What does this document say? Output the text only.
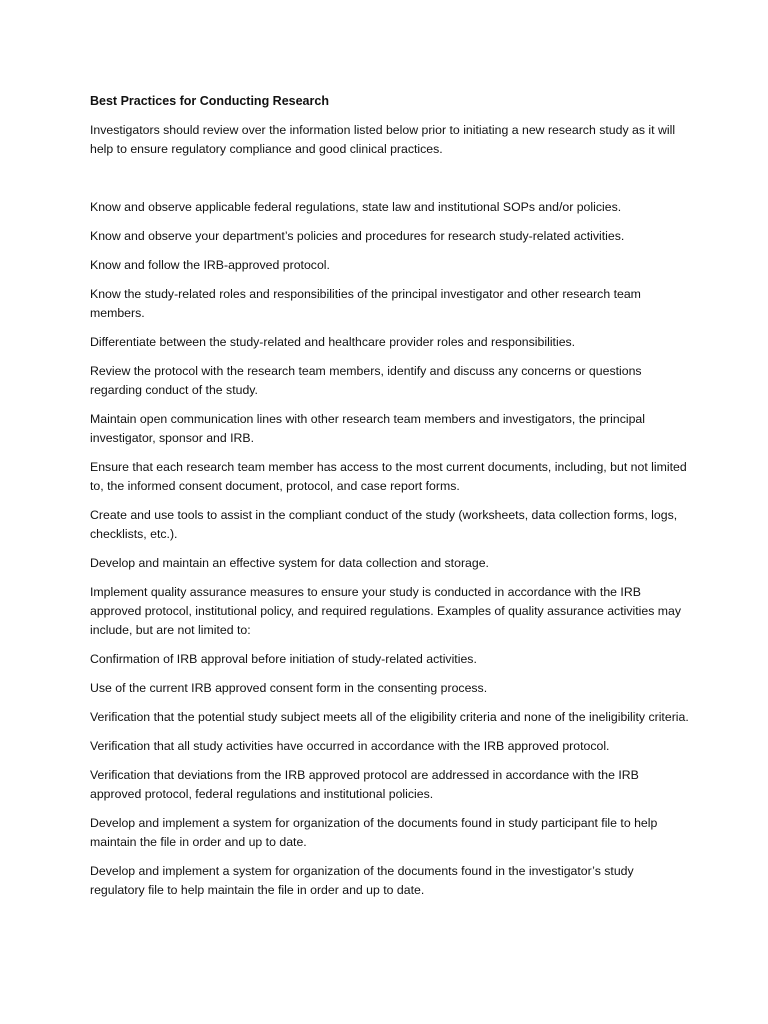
Best Practices for Conducting Research

Investigators should review over the information listed below prior to initiating a new research study as it will help to ensure regulatory compliance and good clinical practices.

Know and observe applicable federal regulations, state law and institutional SOPs and/or policies.

Know and observe your department’s policies and procedures for research study-related activities.

Know and follow the IRB-approved protocol.

Know the study-related roles and responsibilities of the principal investigator and other research team members.

Differentiate between the study-related and healthcare provider roles and responsibilities.

Review the protocol with the research team members, identify and discuss any concerns or questions regarding conduct of the study.

Maintain open communication lines with other research team members and investigators, the principal investigator, sponsor and IRB.

Ensure that each research team member has access to the most current documents, including, but not limited to, the informed consent document, protocol, and case report forms.

Create and use tools to assist in the compliant conduct of the study (worksheets, data collection forms, logs, checklists, etc.).

Develop and maintain an effective system for data collection and storage.

Implement quality assurance measures to ensure your study is conducted in accordance with the IRB approved protocol, institutional policy, and required regulations. Examples of quality assurance activities may include, but are not limited to:

Confirmation of IRB approval before initiation of study-related activities.

Use of the current IRB approved consent form in the consenting process.

Verification that the potential study subject meets all of the eligibility criteria and none of the ineligibility criteria.

Verification that all study activities have occurred in accordance with the IRB approved protocol.

Verification that deviations from the IRB approved protocol are addressed in accordance with the IRB approved protocol, federal regulations and institutional policies.

Develop and implement a system for organization of the documents found in study participant file to help maintain the file in order and up to date.

Develop and implement a system for organization of the documents found in the investigator’s study regulatory file to help maintain the file in order and up to date.
